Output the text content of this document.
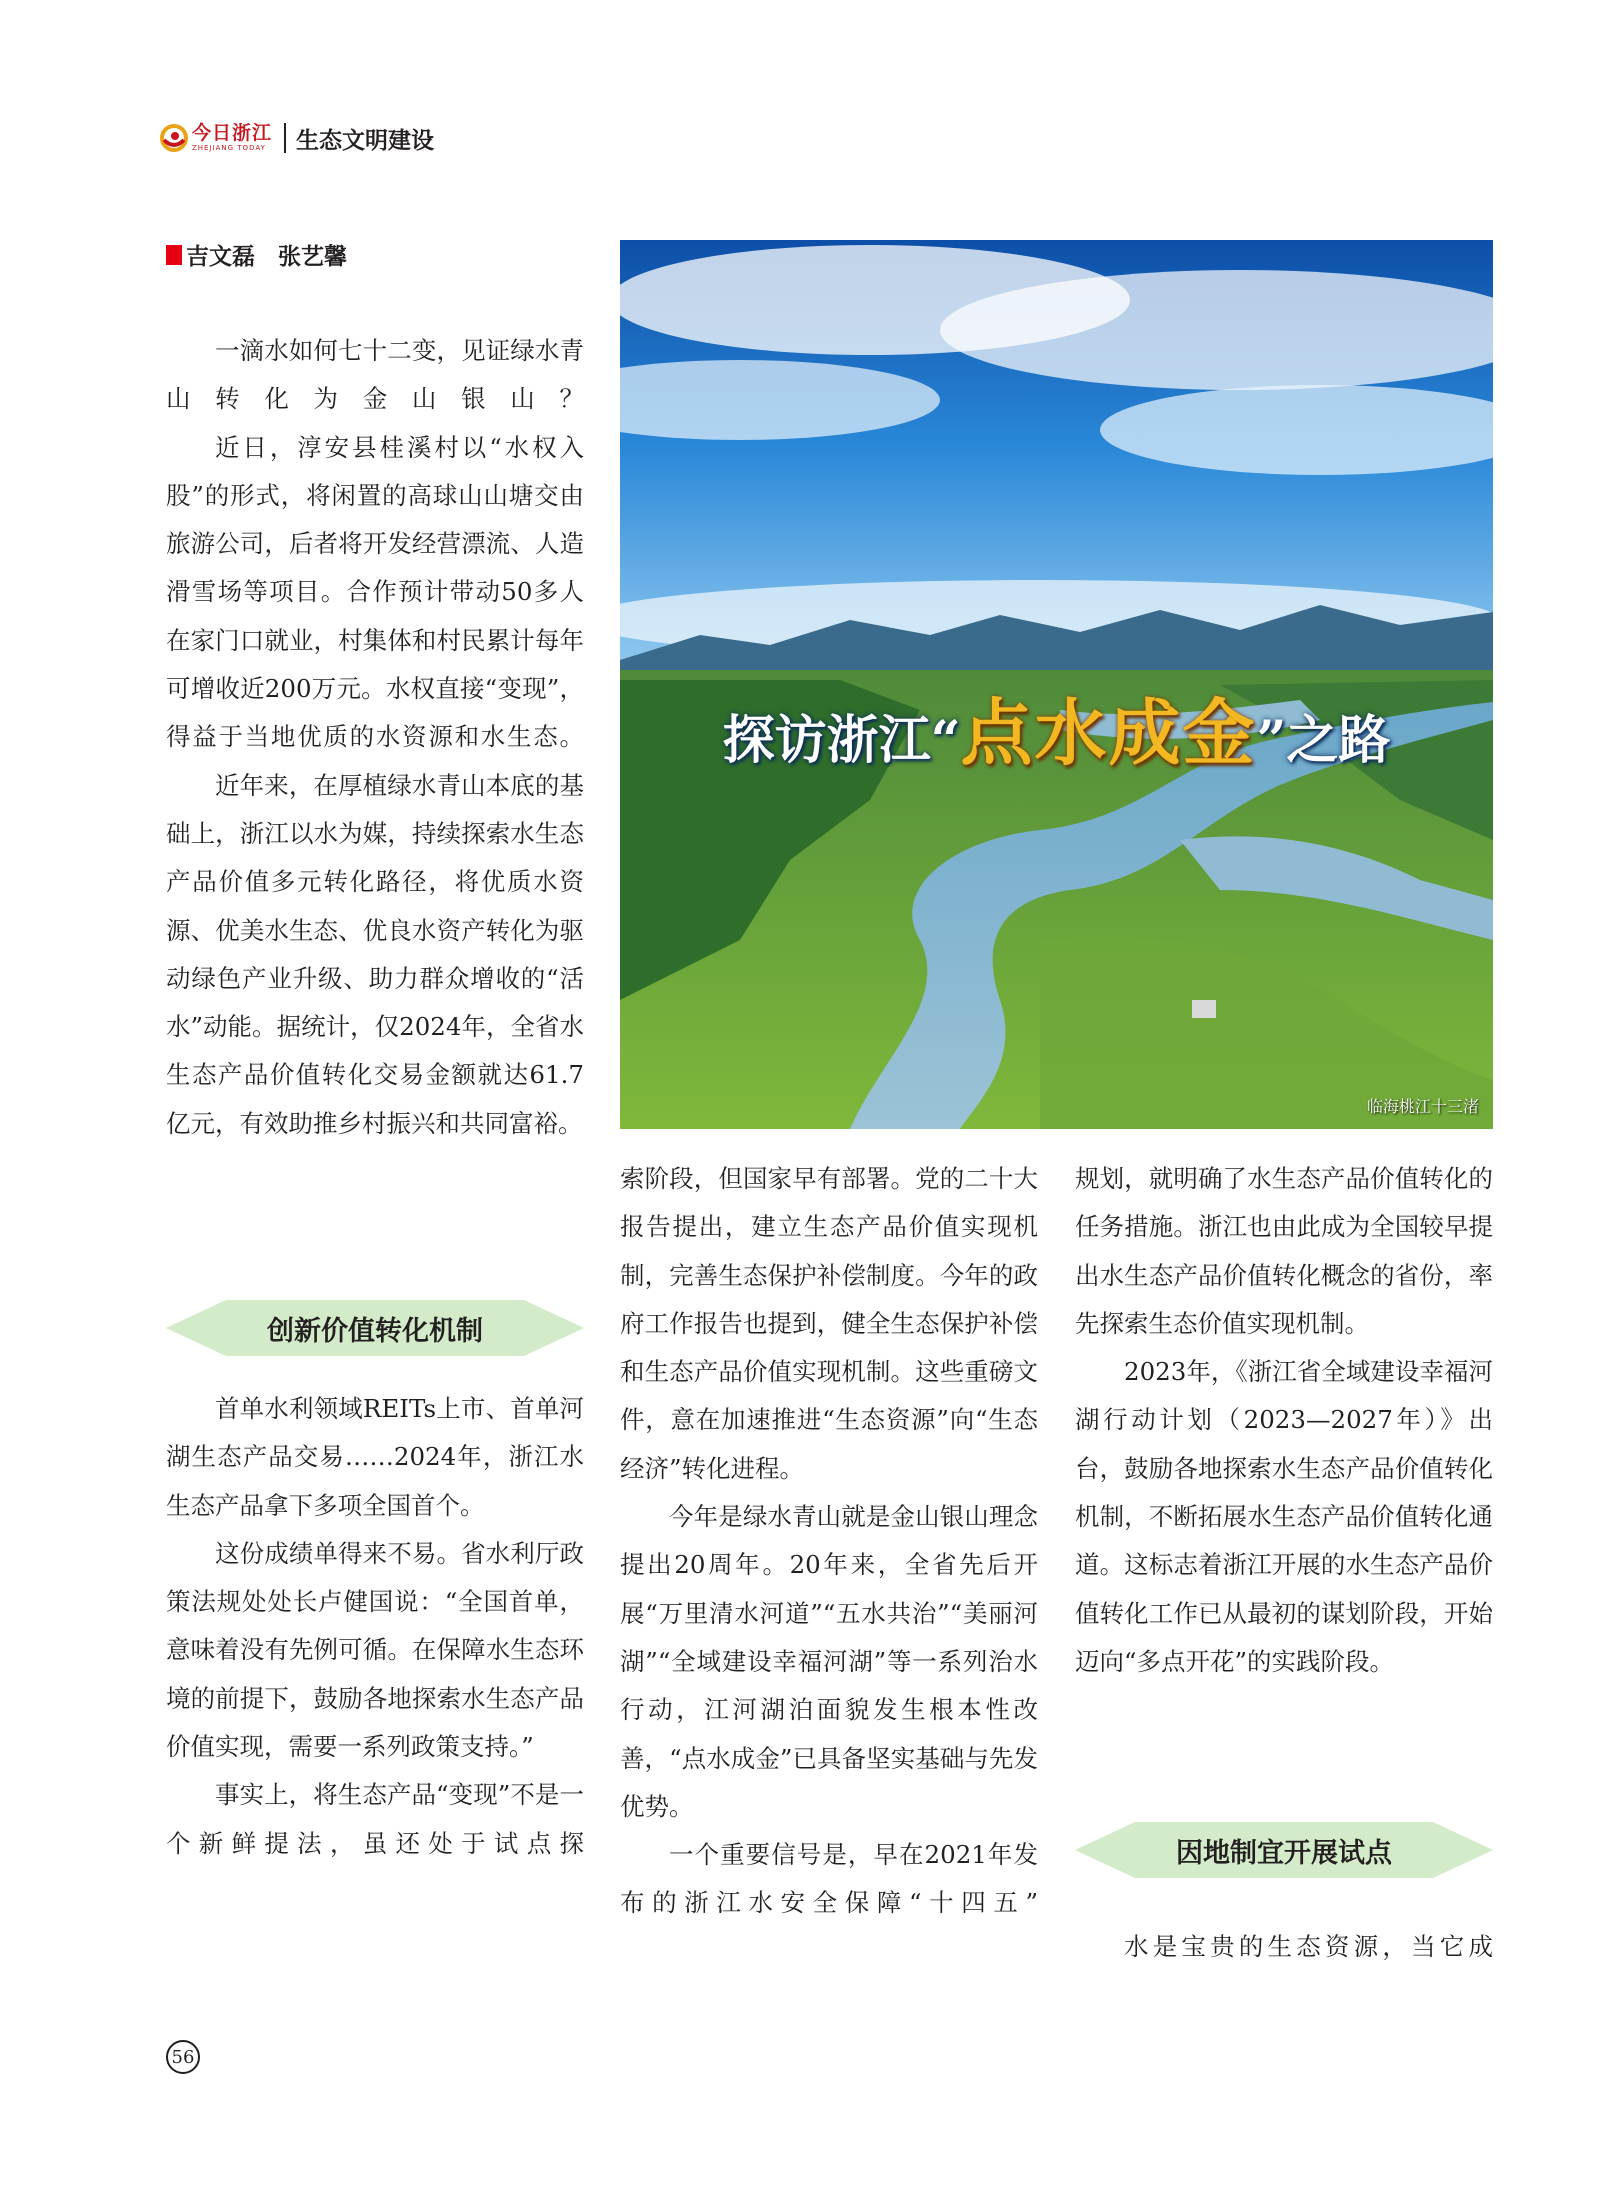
今日浙江
ZHEJIANG TODAY 生态文明建设
吉文磊　张艺馨
探访浙江“点水成金”之路
临海桃江十三渚

一滴水如何七十二变，见证绿水青山转化为金山银山？

近日，淳安县桂溪村以“水权入股”的形式，将闲置的高球山山塘交由旅游公司，后者将开发经营漂流、人造滑雪场等项目。合作预计带动50多人在家门口就业，村集体和村民累计每年可增收近200万元。水权直接“变现”，得益于当地优质的水资源和水生态。

近年来，在厚植绿水青山本底的基础上，浙江以水为媒，持续探索水生态产品价值多元转化路径，将优质水资源、优美水生态、优良水资产转化为驱动绿色产业升级、助力群众增收的“活水”动能。据统计，仅2024年，全省水生态产品价值转化交易金额就达61.7亿元，有效助推乡村振兴和共同富裕。

创新价值转化机制

首单水利领域REITs上市、首单河湖生态产品交易……2024年，浙江水生态产品拿下多项全国首个。

这份成绩单得来不易。省水利厅政策法规处处长卢健国说：“全国首单，意味着没有先例可循。在保障水生态环境的前提下，鼓励各地探索水生态产品价值实现，需要一系列政策支持。”

事实上，将生态产品“变现”不是一个新鲜提法，虽还处于试点探

索阶段，但国家早有部署。党的二十大报告提出，建立生态产品价值实现机制，完善生态保护补偿制度。今年的政府工作报告也提到，健全生态保护补偿和生态产品价值实现机制。这些重磅文件，意在加速推进“生态资源”向“生态经济”转化进程。

今年是绿水青山就是金山银山理念提出20周年。20年来，全省先后开展“万里清水河道”“五水共治”“美丽河湖”“全域建设幸福河湖”等一系列治水行动，江河湖泊面貌发生根本性改善，“点水成金”已具备坚实基础与先发优势。

一个重要信号是，早在2021年发布的浙江水安全保障“十四五”

规划，就明确了水生态产品价值转化的任务措施。浙江也由此成为全国较早提出水生态产品价值转化概念的省份，率先探索生态价值实现机制。

2023年，《浙江省全域建设幸福河湖行动计划（2023—2027年）》出台，鼓励各地探索水生态产品价值转化机制，不断拓展水生态产品价值转化通道。这标志着浙江开展的水生态产品价值转化工作已从最初的谋划阶段，开始迈向“多点开花”的实践阶段。

因地制宜开展试点

水是宝贵的生态资源，当它成

56
